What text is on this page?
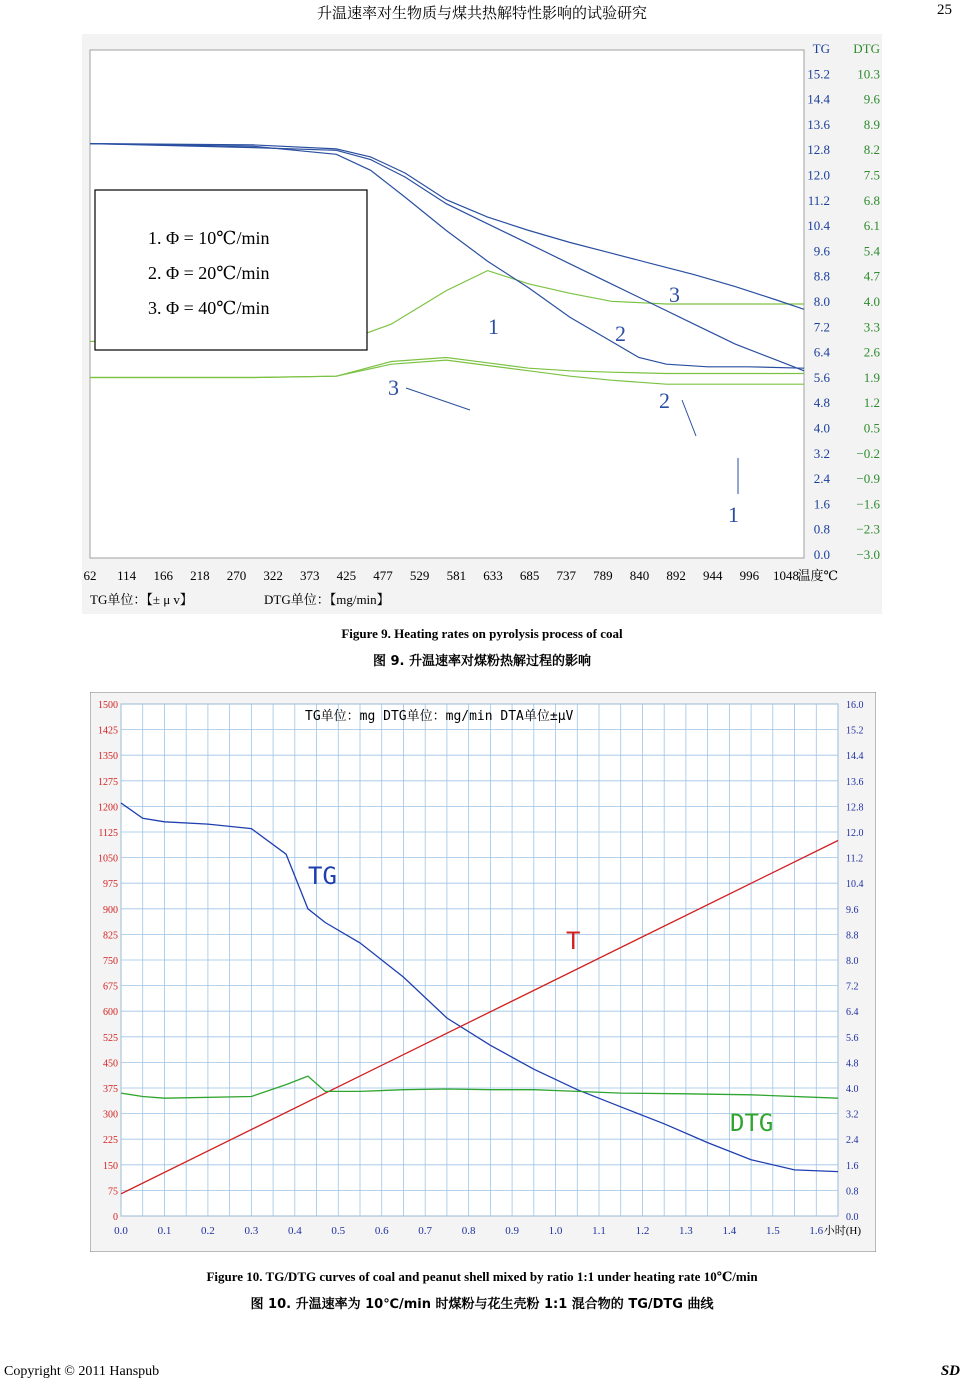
升温速率对生物质与煤共热解特性影响的试验研究	25
TG
15.2
14.4
13.6
12.8
12.0
11.2
10.4
9.6
8.8
8.0
7.2
6.4
5.6
4.8
4.0
3.2
2.4
1.6
0.8
0.0
DTG
10.3
9.6
8.9
8.2
7.5
6.8
6.1
5.4
4.7
4.0
3.3
2.6
1.9
1.2
0.5
−0.2
−0.9
−1.6
−2.3
−3.0
62 114 166 218 270 322 373 425 477 529 581 633 685 737 789 840 892 944 996 1048
温度℃
1. Φ = 10℃/min
2. Φ = 20℃/min
3. Φ = 40℃/min
1	2
3
1
2
3
TG单位：【± μ v】	DTG单位：【mg/min】
Figure 9. Heating rates on pyrolysis process of coal
图 9. 升温速率对煤粉热解过程的影响
1500
1425
1350
1275
1200
1125
1050
975
900
825
750
675
600
525
450
375
300
225
150
75
0
16.0
15.2
14.4
13.6
12.8
12.0
11.2
10.4
9.6
8.8
8.0
7.2
6.4
5.6
4.8
4.0
3.2
2.4
1.6
0.8
0.0
0.0	0.1	0.2	0.3	0.4	0.5	0.6	0.7	0.8	0.9	1.0	1.1	1.2	1.3	1.4	1.5	1.6 小时(H)
TG单位：mg DTG单位：mg/min DTA单位±μV
TG
T
DTG
Figure 10. TG/DTG curves of coal and peanut shell mixed by ratio 1:1 under heating rate 10℃/min
图 10. 升温速率为 10℃/min 时煤粉与花生壳粉 1:1 混合物的 TG/DTG 曲线
Copyright © 2011 Hanspub	SD
